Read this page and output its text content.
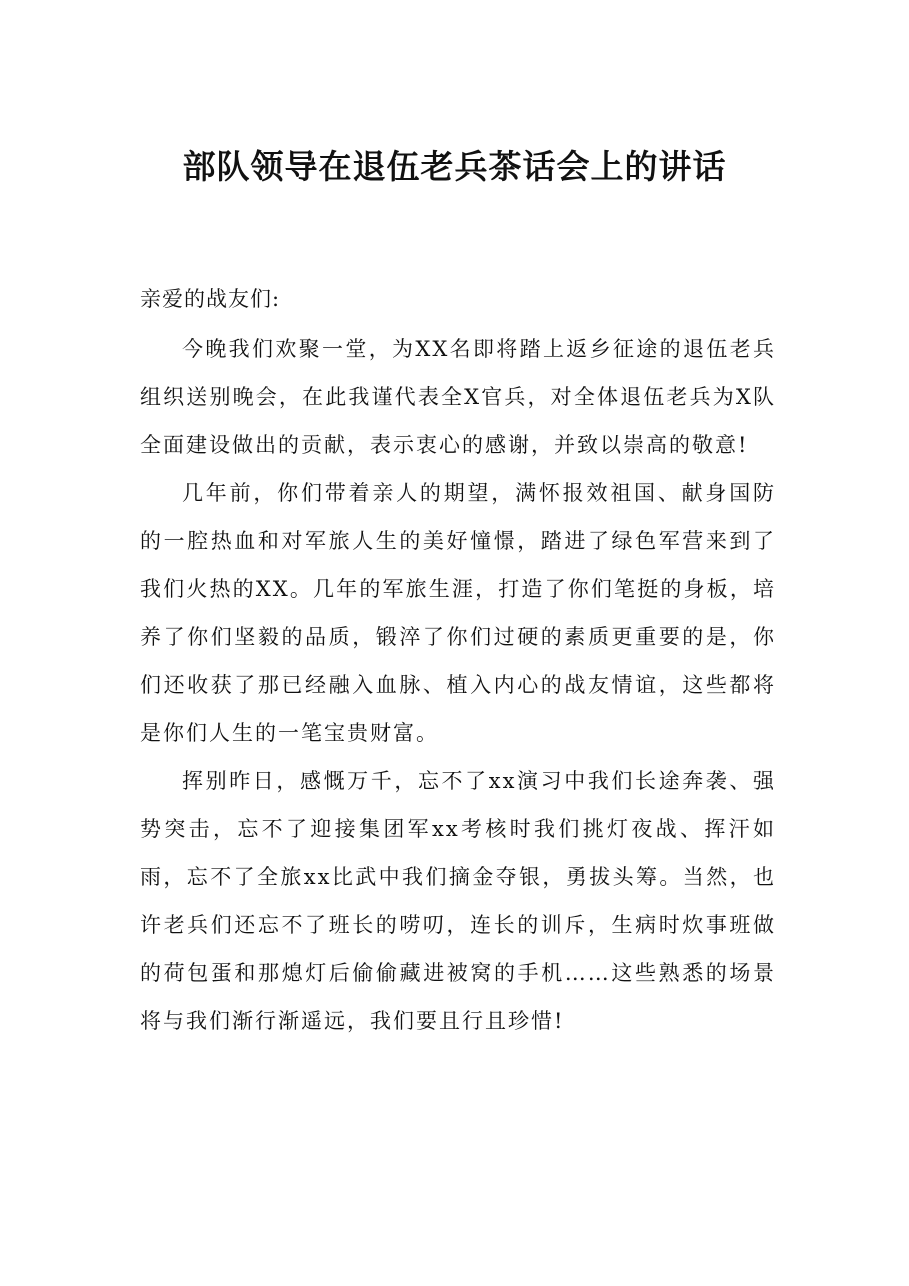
部队领导在退伍老兵茶话会上的讲话

亲爱的战友们:

今晚我们欢聚一堂，为XX名即将踏上返乡征途的退伍老兵组织送别晚会，在此我谨代表全X官兵，对全体退伍老兵为X队全面建设做出的贡献，表示衷心的感谢，并致以崇高的敬意!

几年前，你们带着亲人的期望，满怀报效祖国、献身国防的一腔热血和对军旅人生的美好憧憬，踏进了绿色军营来到了我们火热的XX。几年的军旅生涯，打造了你们笔挺的身板，培养了你们坚毅的品质，锻淬了你们过硬的素质更重要的是，你们还收获了那已经融入血脉、植入内心的战友情谊，这些都将是你们人生的一笔宝贵财富。

挥别昨日，感慨万千，忘不了xx演习中我们长途奔袭、强势突击，忘不了迎接集团军xx考核时我们挑灯夜战、挥汗如雨，忘不了全旅xx比武中我们摘金夺银，勇拔头筹。当然，也许老兵们还忘不了班长的唠叨，连长的训斥，生病时炊事班做的荷包蛋和那熄灯后偷偷藏进被窝的手机……这些熟悉的场景将与我们渐行渐遥远，我们要且行且珍惜!
